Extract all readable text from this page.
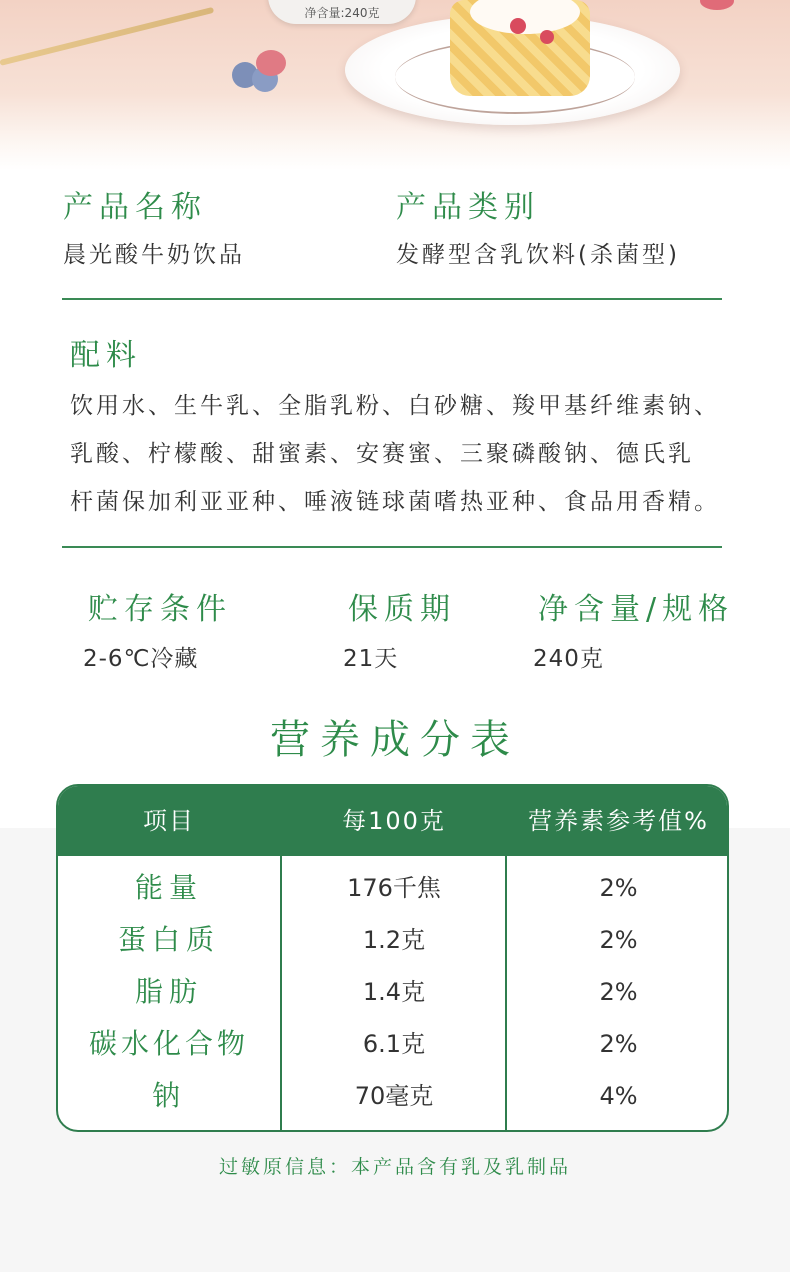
净含量:240克
产品名称
晨光酸牛奶饮品
产品类别
发酵型含乳饮料(杀菌型)
配料
饮用水、生牛乳、全脂乳粉、白砂糖、羧甲基纤维素钠、
乳酸、柠檬酸、甜蜜素、安赛蜜、三聚磷酸钠、德氏乳
杆菌保加利亚亚种、唾液链球菌嗜热亚种、食品用香精。
贮存条件
2-6℃冷藏
保质期
21天
净含量/规格
240克
营养成分表
项目	每100克	营养素参考值%
能量	176千焦	2%
蛋白质	1.2克	2%
脂肪	1.4克	2%
碳水化合物	6.1克	2%
钠	70毫克	4%
过敏原信息：本产品含有乳及乳制品
